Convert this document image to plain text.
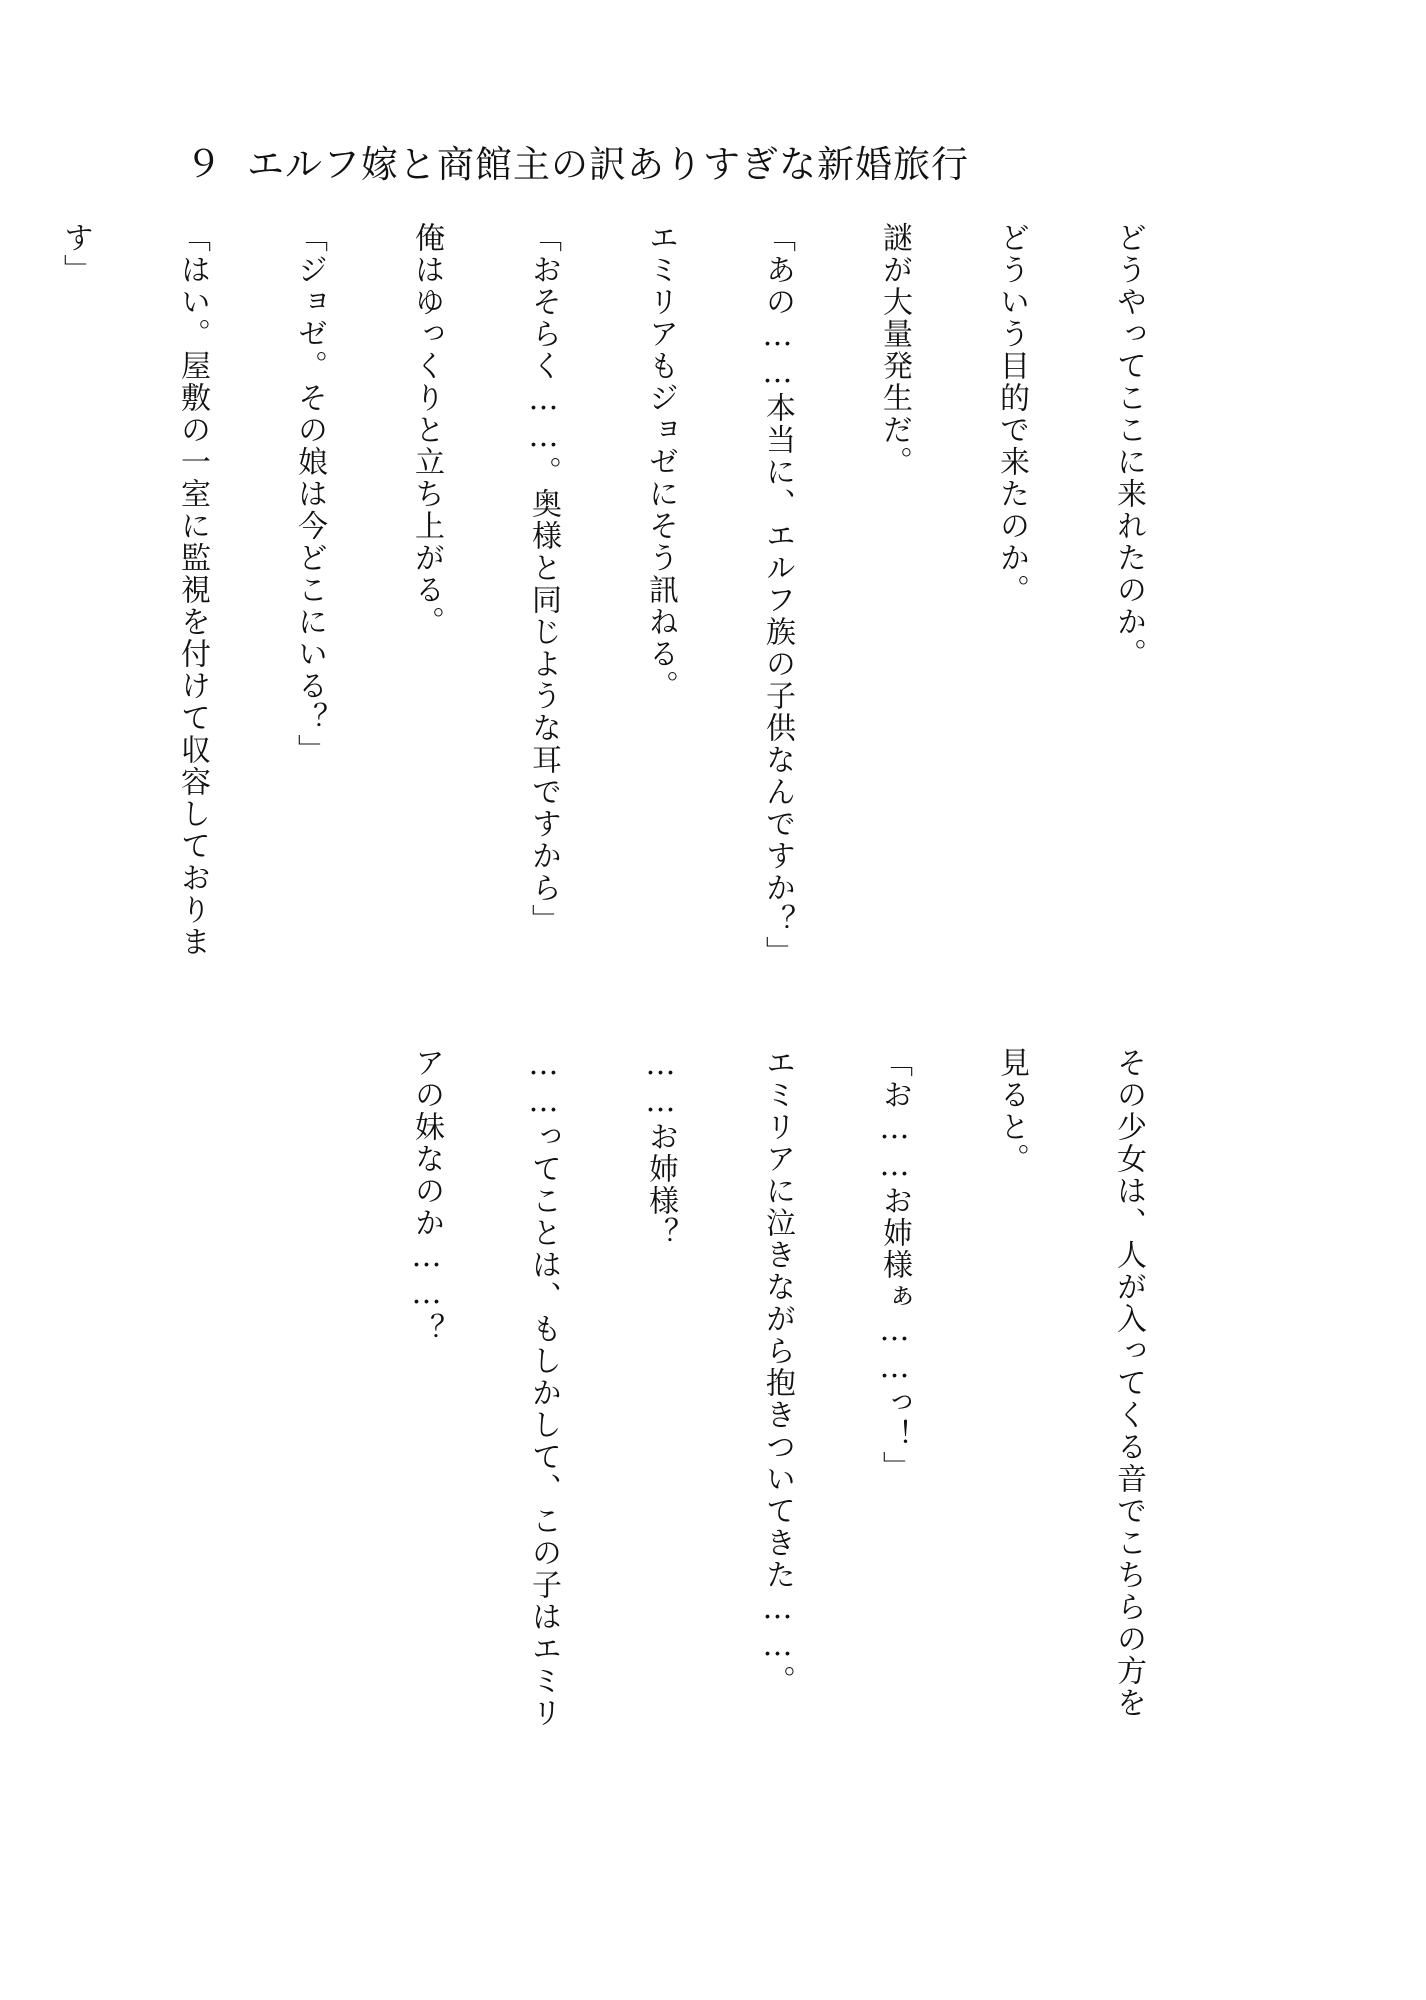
９ エルフ嫁と商館主の訳ありすぎな新婚旅行

どうやってここに来れたのか。

どういう目的で来たのか。

謎が大量発生だ。

「あの……本当に、エルフ族の子供なんですか？」

エミリアもジョゼにそう訊ねる。

「おそらく……。奥様と同じような耳ですから」

俺はゆっくりと立ち上がる。

「ジョゼ。その娘は今どこにいる？」

「はい。屋敷の一室に監視を付けて収容しておりま

す」

その少女は、人が入ってくる音でこちらの方を

見ると。

「お……お姉様ぁ……っ！」

エミリアに泣きながら抱きついてきた……。

……お姉様？

……ってことは、もしかして、この子はエミリ

アの妹なのか……？
